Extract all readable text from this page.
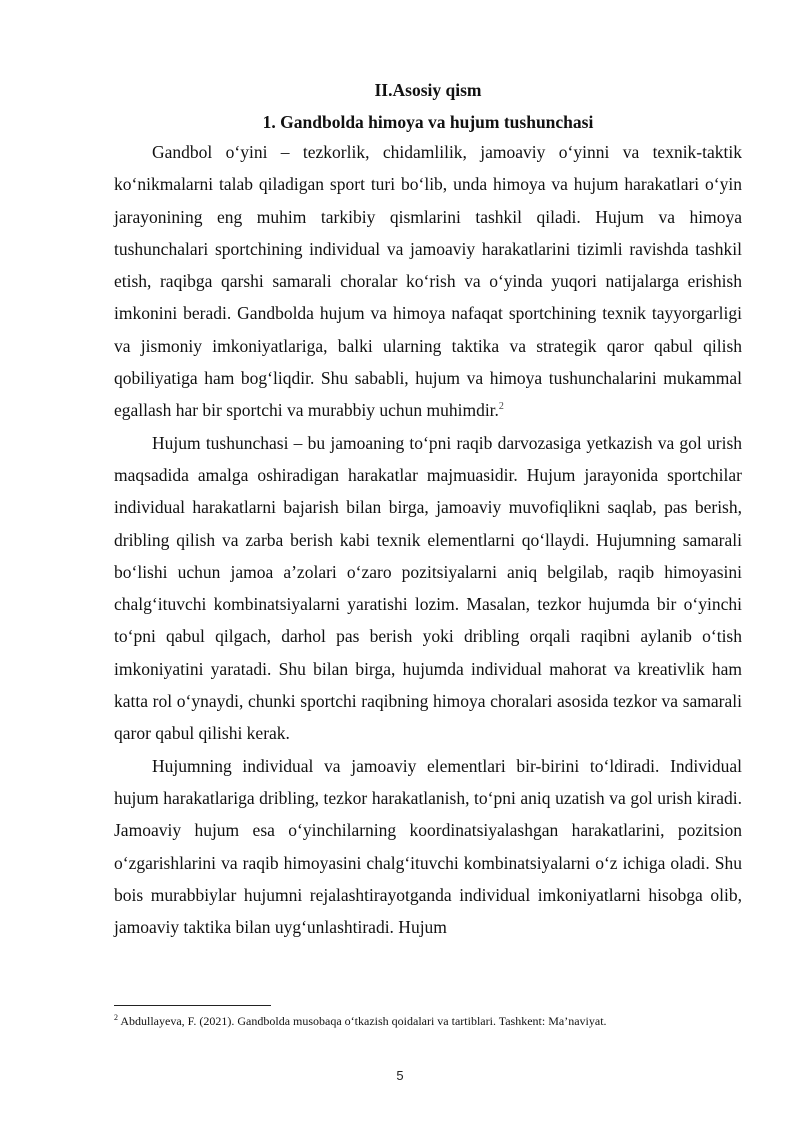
II.Asosiy qism
1. Gandbolda himoya va hujum tushunchasi

Gandbol o‘yini – tezkorlik, chidamlilik, jamoaviy o‘yinni va texnik-taktik ko‘nikmalarni talab qiladigan sport turi bo‘lib, unda himoya va hujum harakatlari o‘yin jarayonining eng muhim tarkibiy qismlarini tashkil qiladi. Hujum va himoya tushunchalari sportchining individual va jamoaviy harakatlarini tizimli ravishda tashkil etish, raqibga qarshi samarali choralar ko‘rish va o‘yinda yuqori natijalarga erishish imkonini beradi. Gandbolda hujum va himoya nafaqat sportchining texnik tayyorgarligi va jismoniy imkoniyatlariga, balki ularning taktika va strategik qaror qabul qilish qobiliyatiga ham bog‘liqdir. Shu sababli, hujum va himoya tushunchalarini mukammal egallash har bir sportchi va murabbiy uchun muhimdir.$^2$

Hujum tushunchasi – bu jamoaning to‘pni raqib darvozasiga yetkazish va gol urish maqsadida amalga oshiradigan harakatlar majmuasidir. Hujum jarayonida sportchilar individual harakatlarni bajarish bilan birga, jamoaviy muvofiqlikni saqlab, pas berish, dribling qilish va zarba berish kabi texnik elementlarni qo‘llaydi. Hujumning samarali bo‘lishi uchun jamoa a’zolari o‘zaro pozitsiyalarni aniq belgilab, raqib himoyasini chalg‘ituvchi kombinatsiyalarni yaratishi lozim. Masalan, tezkor hujumda bir o‘yinchi to‘pni qabul qilgach, darhol pas berish yoki dribling orqali raqibni aylanib o‘tish imkoniyatini yaratadi. Shu bilan birga, hujumda individual mahorat va kreativlik ham katta rol o‘ynaydi, chunki sportchi raqibning himoya choralari asosida tezkor va samarali qaror qabul qilishi kerak.

Hujumning individual va jamoaviy elementlari bir-birini to‘ldiradi. Individual hujum harakatlariga dribling, tezkor harakatlanish, to‘pni aniq uzatish va gol urish kiradi. Jamoaviy hujum esa o‘yinchilarning koordinatsiyalashgan harakatlarini, pozitsion o‘zgarishlarini va raqib himoyasini chalg‘ituvchi kombinatsiyalarni o‘z ichiga oladi. Shu bois murabbiylar hujumni rejalashtirayotganda individual imkoniyatlarni hisobga olib, jamoaviy taktika bilan uyg‘unlashtiradi. Hujum

$^2$ Abdullayeva, F. (2021). Gandbolda musobaqa o‘tkazish qoidalari va tartiblari. Tashkent: Ma’naviyat.
5
